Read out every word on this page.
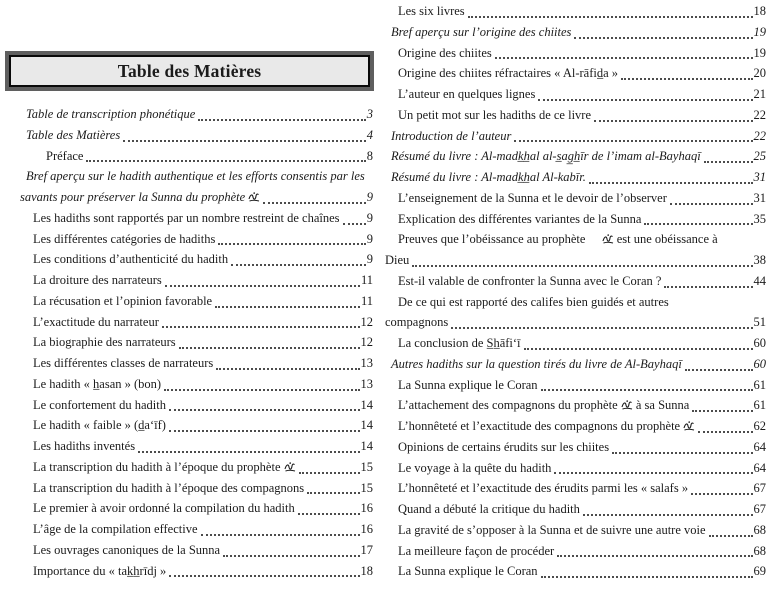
Table des Matières
Table de transcription phonétique	3
Table des Matières	4
Préface	8
Bref aperçu sur le hadith authentique et les efforts consentis par les
savants pour préserver la Sunna du prophète	9
Les hadiths sont rapportés par un nombre restreint de chaînes 9
Les différentes catégories de hadiths	9
Les conditions d’authenticité du hadith	9
La droiture des narrateurs	11
La récusation et l’opinion favorable	11
L’exactitude du narrateur	12
La biographie des narrateurs	12
Les différentes classes de narrateurs	13
Le hadith « h̲asan » (bon)	13
Le confortement du hadith	14
Le hadith « faible » (d̲a‘īf)	14
Les hadiths inventés	14
La transcription du hadith à l’époque du prophète	15
La transcription du hadith à l’époque des compagnons	15
Le premier à avoir ordonné la compilation du hadith	16
L’âge de la compilation effective	16
Les ouvrages canoniques de la Sunna	17
Importance du « tak̲h̲rīdj »	18
Les six livres	18
Bref aperçu sur l’origine des chiites	19
Origine des chiites	19
Origine des chiites réfractaires « Al-rāfid̲a »	20
L’auteur en quelques lignes	21
Un petit mot sur les hadiths de ce livre	22
Introduction de l’auteur	22
Résumé du livre : Al-madk̲h̲al al-s̲ag̲h̲īr de l’imam al-Bayhaqī	25
Résumé du livre : Al-madk̲h̲al Al-kabīr.	31
L’enseignement de la Sunna et le devoir de l’observer	31
Explication des différentes variantes de la Sunna	35
Preuves que l’obéissance au prophète  est une obéissance à
Dieu	38
Est-il valable de confronter la Sunna avec le Coran ?	44
De ce qui est rapporté des califes bien guidés et autres
compagnons	51
La conclusion de S̲h̲āfi‘ī	60
Autres hadiths sur la question tirés du livre de Al-Bayhaqī	60
La Sunna explique le Coran	61
L’attachement des compagnons du prophète  à sa Sunna	61
L’honnêteté et l’exactitude des compagnons du prophète	62
Opinions de certains érudits sur les chiites	64
Le voyage à la quête du hadith	64
L’honnêteté et l’exactitude des érudits parmi les « salafs »	67
Quand a débuté la critique du hadith	67
La gravité de s’opposer à la Sunna et de suivre une autre voie	68
La meilleure façon de procéder	68
La Sunna explique le Coran	69
